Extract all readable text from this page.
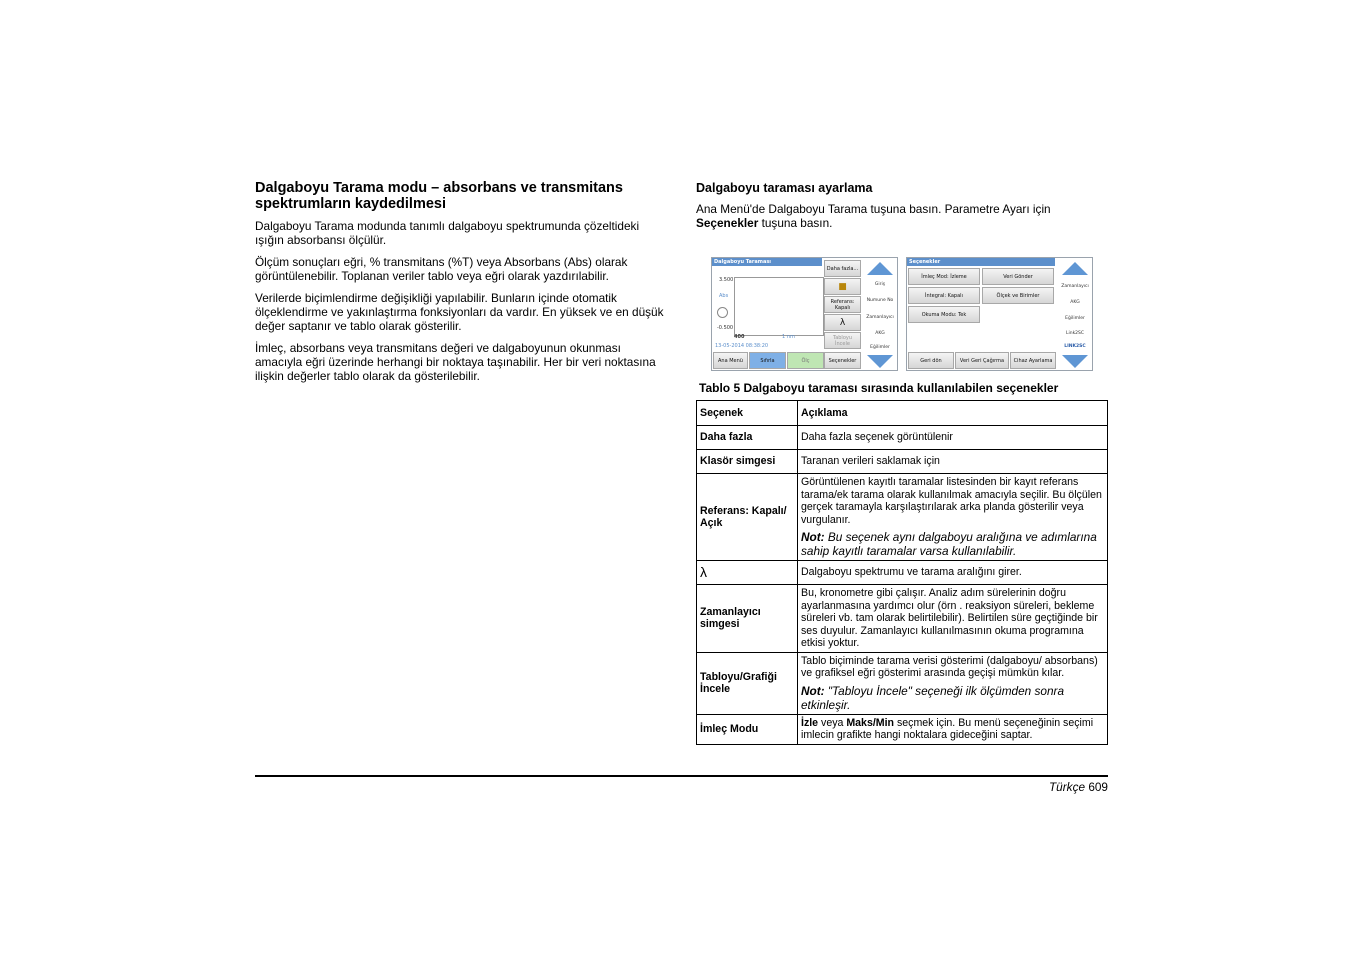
Dalgaboyu Tarama modu – absorbans ve transmitans spektrumların kaydedilmesi

Dalgaboyu Tarama modunda tanımlı dalgaboyu spektrumunda çözeltideki ışığın absorbansı ölçülür.

Ölçüm sonuçları eğri, % transmitans (%T) veya Absorbans (Abs) olarak görüntülenebilir. Toplanan veriler tablo veya eğri olarak yazdırılabilir.

Verilerde biçimlendirme değişikliği yapılabilir. Bunların içinde otomatik ölçeklendirme ve yakınlaştırma fonksiyonları da vardır. En yüksek ve en düşük değer saptanır ve tablo olarak gösterilir.

İmleç, absorbans veya transmitans değeri ve dalgaboyunun okunması amacıyla eğri üzerinde herhangi bir noktaya taşınabilir. Her bir veri noktasına ilişkin değerler tablo olarak da gösterilebilir.

Dalgaboyu taraması ayarlama

Ana Menü'de Dalgaboyu Tarama tuşuna basın. Parametre Ayarı için Seçenekler tuşuna basın.

Dalgaboyu Taraması
3.500
Abs
-0.500
400	1 nm
13-05-2014 08:38:20
Daha fazla...
■
Referans: Kapalı
λ
Tabloyu İncele
Ana Menü	Sıfırla	Ölç	Seçenekler
Giriş
Numune No
Zamanlayıcı
AKG
Eğilimler
Seçenekler
İmleç Mod: İzleme	Veri Gönder
İntegral: Kapalı	Ölçek ve Birimler
Okuma Modu: Tek
Geri dön	Veri Geri Çağırma	Cihaz Ayarlama
Zamanlayıcı
AKG
Eğilimler
Link2SC
LINK2SC
Tablo 5 Dalgaboyu taraması sırasında kullanılabilen seçenekler
Seçenek	Açıklama
Daha fazla	Daha fazla seçenek görüntülenir
Klasör simgesi	Taranan verileri saklamak için
Referans: Kapalı/ Açık	Görüntülenen kayıtlı taramalar listesinden bir kayıt referans tarama/ek tarama olarak kullanılmak amacıyla seçilir. Bu ölçülen gerçek taramayla karşılaştırılarak arka planda gösterilir veya vurgulanır.
Not: Bu seçenek aynı dalgaboyu aralığına ve adımlarına sahip kayıtlı taramalar varsa kullanılabilir.

λ	Dalgaboyu spektrumu ve tarama aralığını girer.
Zamanlayıcı simgesi	Bu, kronometre gibi çalışır. Analiz adım sürelerinin doğru ayarlanmasına yardımcı olur (örn . reaksiyon süreleri, bekleme süreleri vb. tam olarak belirtilebilir). Belirtilen süre geçtiğinde bir ses duyulur. Zamanlayıcı kullanılmasının okuma programına etkisi yoktur.
Tabloyu/Grafiği İncele	Tablo biçiminde tarama verisi gösterimi (dalgaboyu/ absorbans) ve grafiksel eğri gösterimi arasında geçişi mümkün kılar.
Not: "Tabloyu İncele" seçeneği ilk ölçümden sonra etkinleşir.

İmleç Modu	İzle veya Maks/Min seçmek için. Bu menü seçeneğinin seçimi imlecin grafikte hangi noktalara gideceğini saptar.
Türkçe 609
